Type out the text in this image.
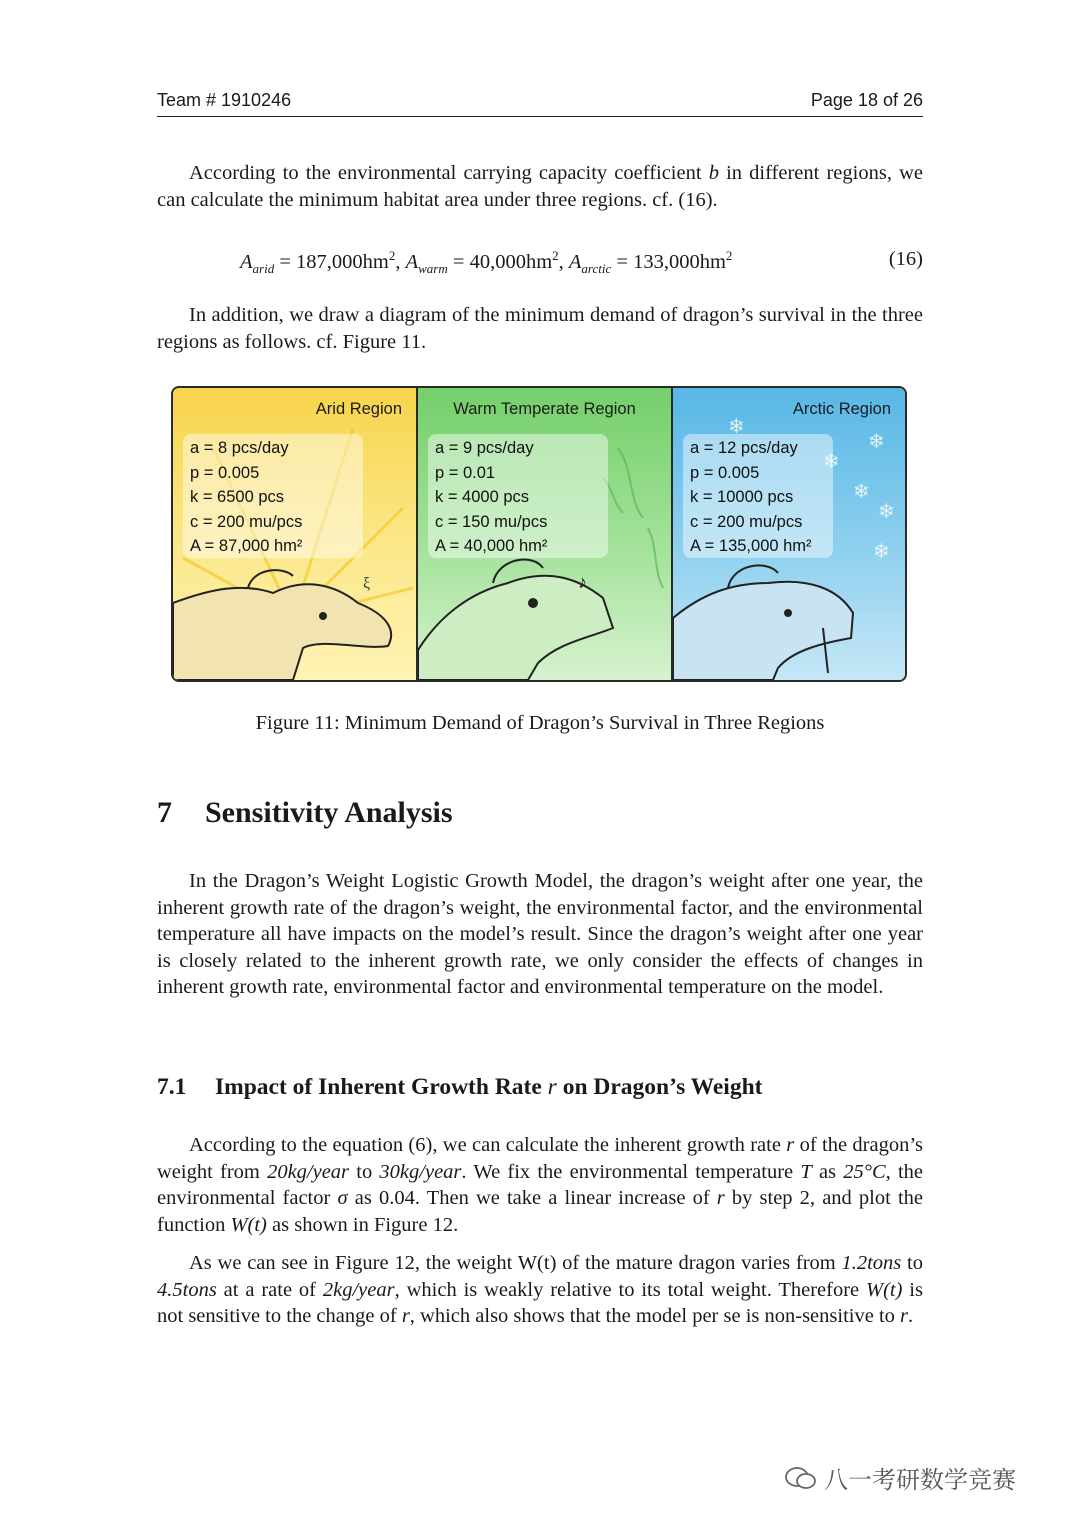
Team # 1910246	Page 18 of 26

According to the environmental carrying capacity coefficient b in different regions, we can calculate the minimum habitat area under three regions. cf. (16).

$A_{arid} = 187,000hm^2$, $A_{warm} = 40,000hm^2$, $A_{arctic} = 133,000hm^2$	(16)

In addition, we draw a diagram of the minimum demand of dragon’s survival in the three regions as follows. cf. Figure 11.

ξ
Arid Region
a = 8 pcs/day
p = 0.005
k = 6500 pcs
c = 200 mu/pcs
A = 87,000 hm²
♪
Warm Temperate Region
a = 9 pcs/day
p = 0.01
k = 4000 pcs
c = 150 mu/pcs
A = 40,000 hm²
❄
❄
❄
❄
❄
❄
Arctic Region
a = 12 pcs/day
p = 0.005
k = 10000 pcs
c = 200 mu/pcs
A = 135,000 hm²
Figure 11: Minimum Demand of Dragon’s Survival in Three Regions
7 Sensitivity Analysis

In the Dragon’s Weight Logistic Growth Model, the dragon’s weight after one year, the inherent growth rate of the dragon’s weight, the environmental factor, and the environmental temperature all have impacts on the model’s result. Since the dragon’s weight after one year is closely related to the inherent growth rate, we only consider the effects of changes in inherent growth rate, environmental factor and environmental temperature on the model.

7.1 Impact of Inherent Growth Rate r on Dragon’s Weight

According to the equation (6), we can calculate the inherent growth rate r of the dragon’s weight from 20kg/year to 30kg/year. We fix the environmental temperature T as 25°C, the environmental factor σ as 0.04. Then we take a linear increase of r by step 2, and plot the function W(t) as shown in Figure 12.

As we can see in Figure 12, the weight W(t) of the mature dragon varies from 1.2tons to 4.5tons at a rate of 2kg/year, which is weakly relative to its total weight. Therefore W(t) is not sensitive to the change of r, which also shows that the model per se is non-sensitive to r.

八一考研数学竞赛
